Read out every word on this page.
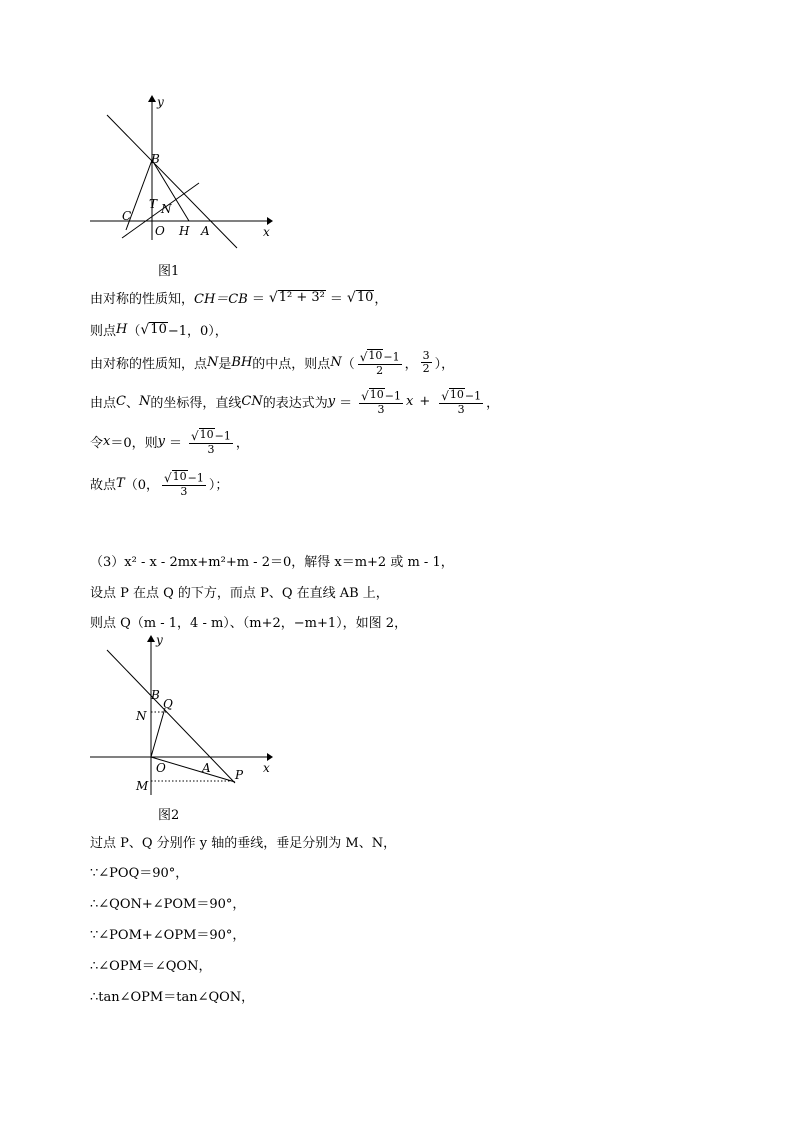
y
x
B
C
T N
O H A
图1
由对称的性质知， CH＝CB ＝ √ 1² + 3² ＝ √ 10 ，
则点 H （ √ 10 −1，0），
由对称的性质知，点 N 是 BH 的中点，则点 N （ $\frac{√ 10 -1}{2}$ ， $\frac{3}{2}$ ），
由点 C 、 N 的坐标得，直线 CN 的表达式为 $y = \frac{√ 10 -1}{3}$ $x + \frac{√ 10 -1}{3}$ ，
令 x ＝0，则 $y = \frac{√ 10 -1}{3}$ ，
故点 T （0， $\frac{√ 10 -1}{3}$ ）；
（3）x² - x - 2mx+m²+m - 2＝0，解得 x＝m+2 或 m - 1，
设点 P 在点 Q 的下方，而点 P、Q 在直线 AB 上，
则点 Q（m - 1，4 - m）、（m+2，−m+1），如图 2，
y
x
B
Q
N
O	A P
M
图2
过点 P、Q 分别作 y 轴的垂线，垂足分别为 M、N，
∵∠POQ＝90°，
∴∠QON+∠POM＝90°，
∵∠POM+∠OPM＝90°，
∴∠OPM＝∠QON，
∴tan∠OPM＝tan∠QON，
